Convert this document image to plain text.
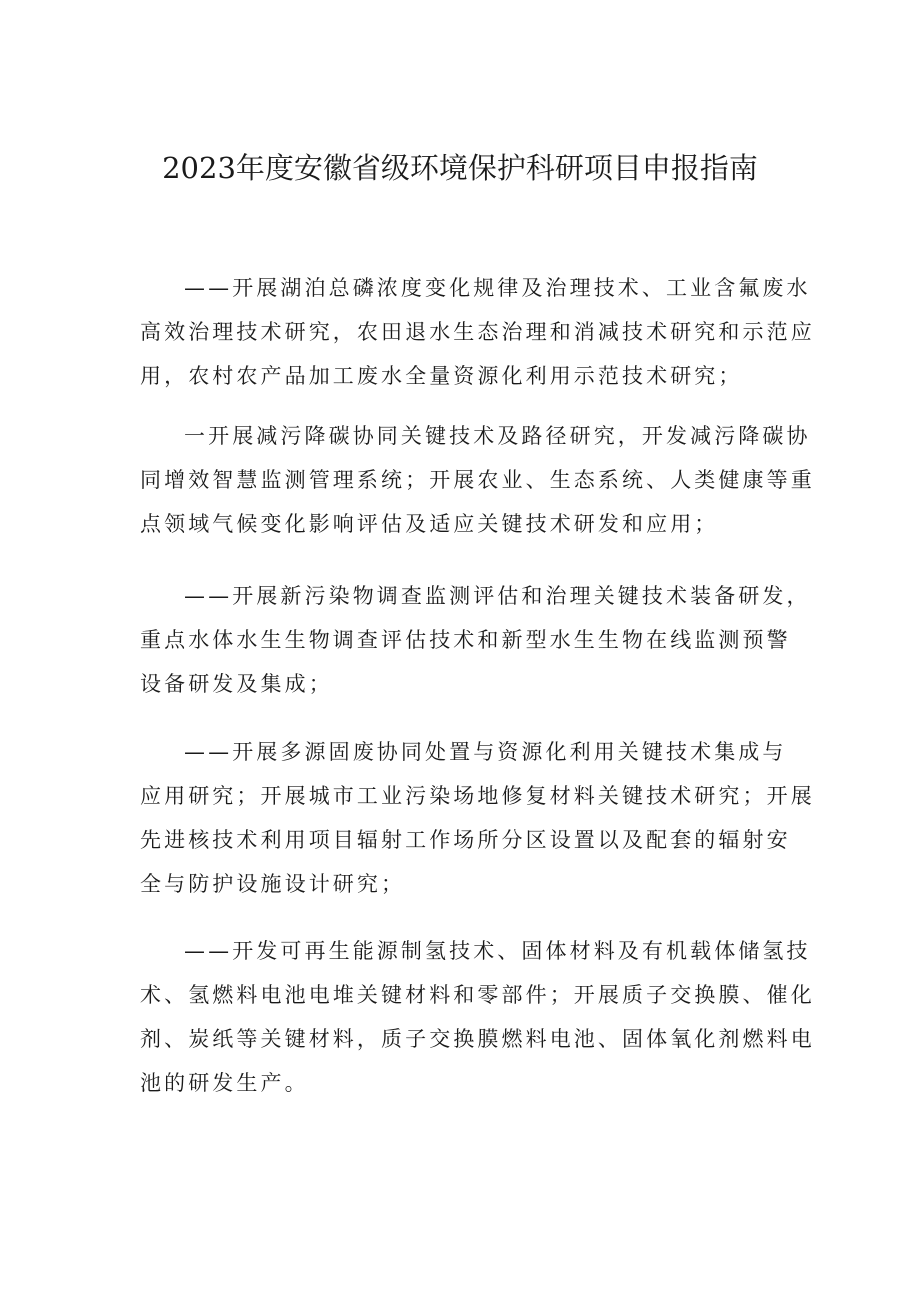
2023年度安徽省级环境保护科研项目申报指南
——开展湖泊总磷浓度变化规律及治理技术、工业含氟废水
高效治理技术研究，农田退水生态治理和消减技术研究和示范应
用，农村农产品加工废水全量资源化利用示范技术研究；
一开展减污降碳协同关键技术及路径研究，开发减污降碳协
同增效智慧监测管理系统；开展农业、生态系统、人类健康等重
点领域气候变化影响评估及适应关键技术研发和应用；
——开展新污染物调查监测评估和治理关键技术装备研发，
重点水体水生生物调查评估技术和新型水生生物在线监测预警
设备研发及集成；
——开展多源固废协同处置与资源化利用关键技术集成与
应用研究；开展城市工业污染场地修复材料关键技术研究；开展
先进核技术利用项目辐射工作场所分区设置以及配套的辐射安
全与防护设施设计研究；
——开发可再生能源制氢技术、固体材料及有机载体储氢技
术、氢燃料电池电堆关键材料和零部件；开展质子交换膜、催化
剂、炭纸等关键材料，质子交换膜燃料电池、固体氧化剂燃料电
池的研发生产。
